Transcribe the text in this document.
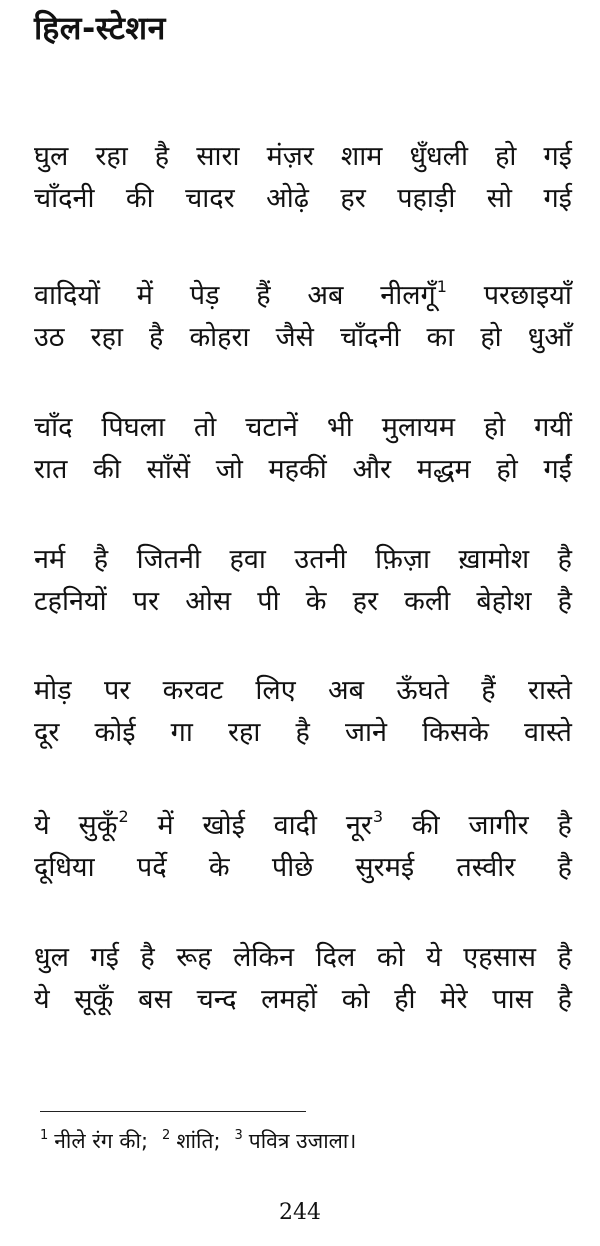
हिल-स्टेशन
घुल रहा है सारा मंज़र शाम धुँधली हो गई
चाँदनी की चादर ओढ़े हर पहाड़ी सो गई
वादियों में पेड़ हैं अब नीलगूँ$^1$ परछाइयाँ
उठ रहा है कोहरा जैसे चाँदनी का हो धुआँ
चाँद पिघला तो चटानें भी मुलायम हो गयीं
रात की साँसें जो महकीं और मद्धम हो गईं
नर्म है जितनी हवा उतनी फ़िज़ा ख़ामोश है
टहनियों पर ओस पी के हर कली बेहोश है
मोड़ पर करवट लिए अब ऊँघते हैं रास्ते
दूर कोई गा रहा है जाने किसके वास्ते
ये सुकूँ$^2$ में खोई वादी नूर$^3$ की जागीर है
दूधिया पर्दे के पीछे सुरमई तस्वीर है
धुल गई है रूह लेकिन दिल को ये एहसास है
ये सूकूँ बस चन्द लमहों को ही मेरे पास है
$^1$ नीले रंग की; $^2$ शांति; $^3$ पवित्र उजाला।
244
